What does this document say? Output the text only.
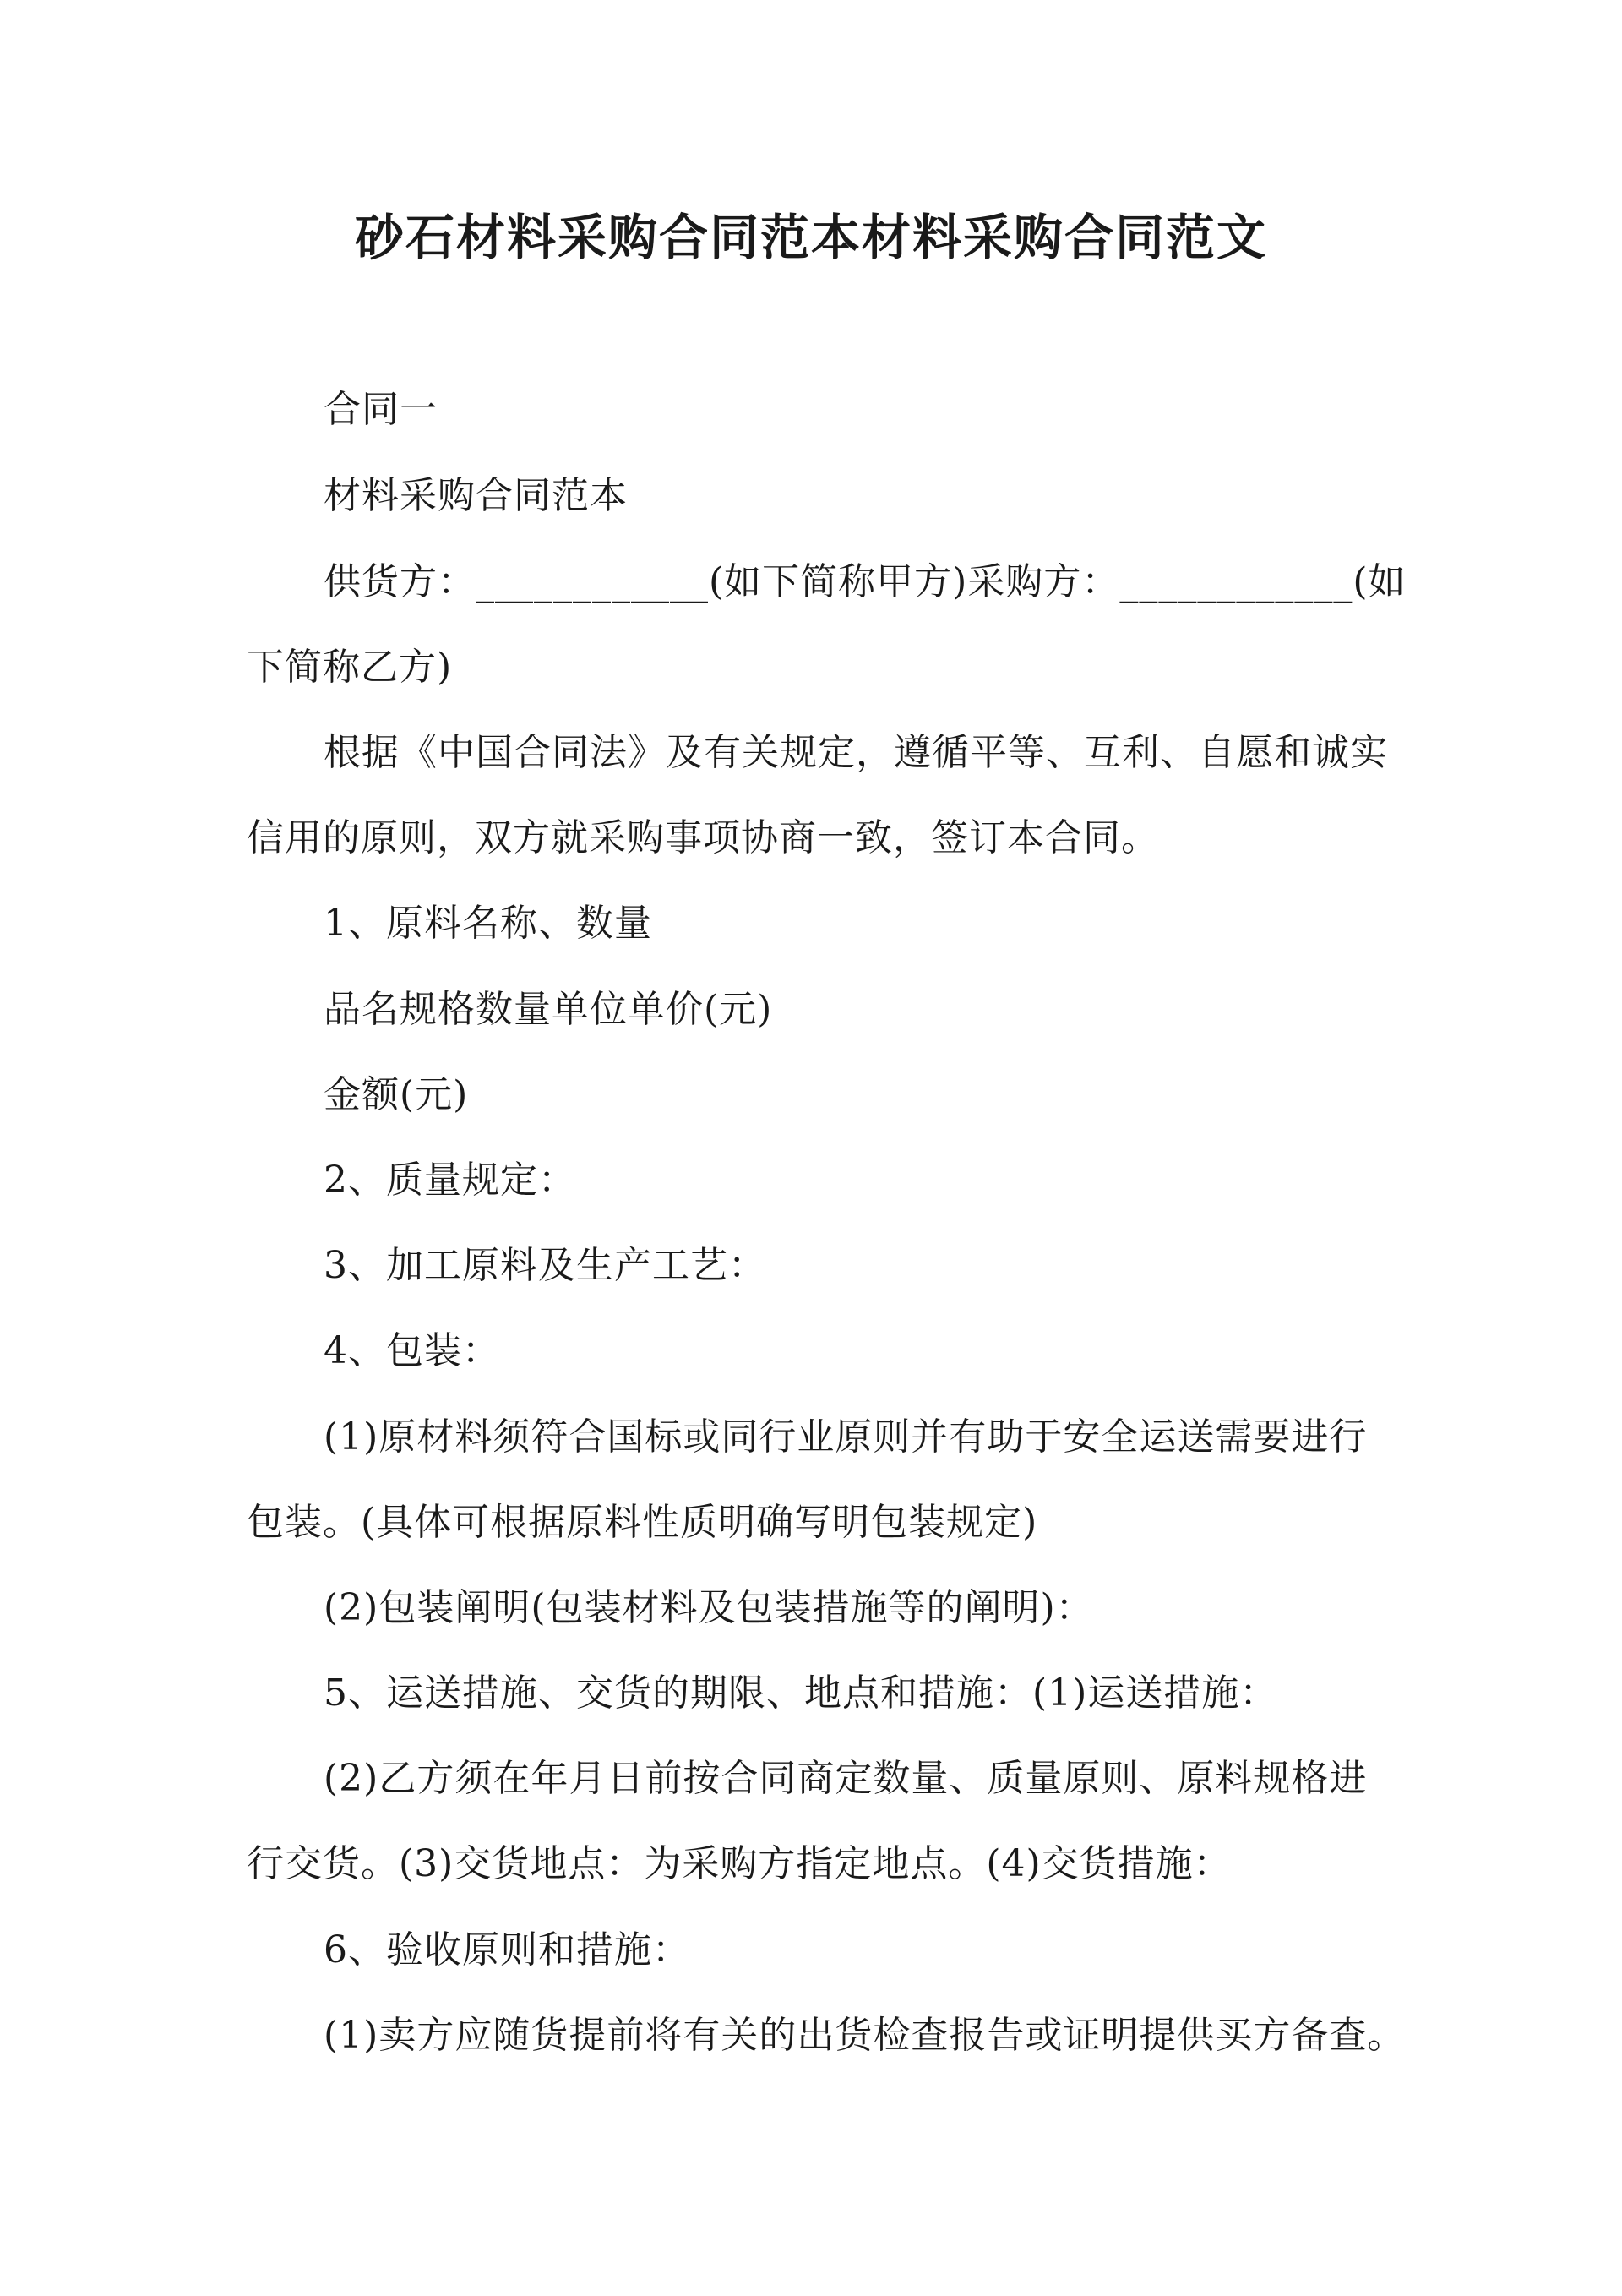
砂石材料采购合同范本材料采购合同范文
合同一
材料采购合同范本
供货方：____________(如下简称甲方)采购方：____________(如
下简称乙方)
根据《中国合同法》及有关规定，遵循平等、互利、自愿和诚实
信用的原则，双方就采购事项协商一致，签订本合同。
1、原料名称、数量
品名规格数量单位单价(元)
金额(元)
2、质量规定：
3、加工原料及生产工艺：
4、包装：
(1)原材料须符合国标或同行业原则并有助于安全运送需要进行
包装。(具体可根据原料性质明确写明包装规定)
(2)包装阐明(包装材料及包装措施等的阐明)：
5、运送措施、交货的期限、地点和措施：(1)运送措施：
(2)乙方须在年月日前按合同商定数量、质量原则、原料规格进
行交货。(3)交货地点：为采购方指定地点。(4)交货措施：
6、验收原则和措施：
(1)卖方应随货提前将有关的出货检查报告或证明提供买方备查。
